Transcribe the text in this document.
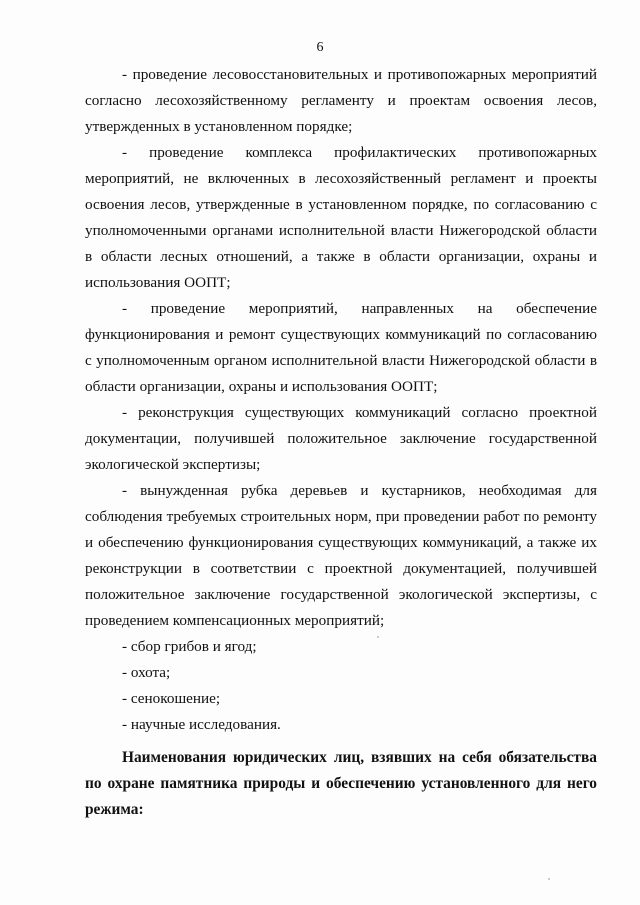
6

- проведение лесовосстановительных и противопожарных мероприятий согласно лесохозяйственному регламенту и проектам освоения лесов, утвержденных в установленном порядке;

- проведение комплекса профилактических противопожарных мероприятий, не включенных в лесохозяйственный регламент и проекты освоения лесов, утвержденные в установленном порядке, по согласованию с уполномоченными органами исполнительной власти Нижегородской области в области лесных отношений, а также в области организации, охраны и использования ООПТ;

- проведение мероприятий, направленных на обеспечение функционирования и ремонт существующих коммуникаций по согласованию с уполномоченным органом исполнительной власти Нижегородской области в области организации, охраны и использования ООПТ;

- реконструкция существующих коммуникаций согласно проектной документации, получившей положительное заключение государственной экологической экспертизы;

- вынужденная рубка деревьев и кустарников, необходимая для соблюдения требуемых строительных норм, при проведении работ по ремонту и обеспечению функционирования существующих коммуникаций, а также их реконструкции в соответствии с проектной документацией, получившей положительное заключение государственной экологической экспертизы, с проведением компенсационных мероприятий;

- сбор грибов и ягод;

- охота;

- сенокошение;

- научные исследования.

Наименования юридических лиц, взявших на себя обязательства по охране памятника природы и обеспечению установленного для него режима:
